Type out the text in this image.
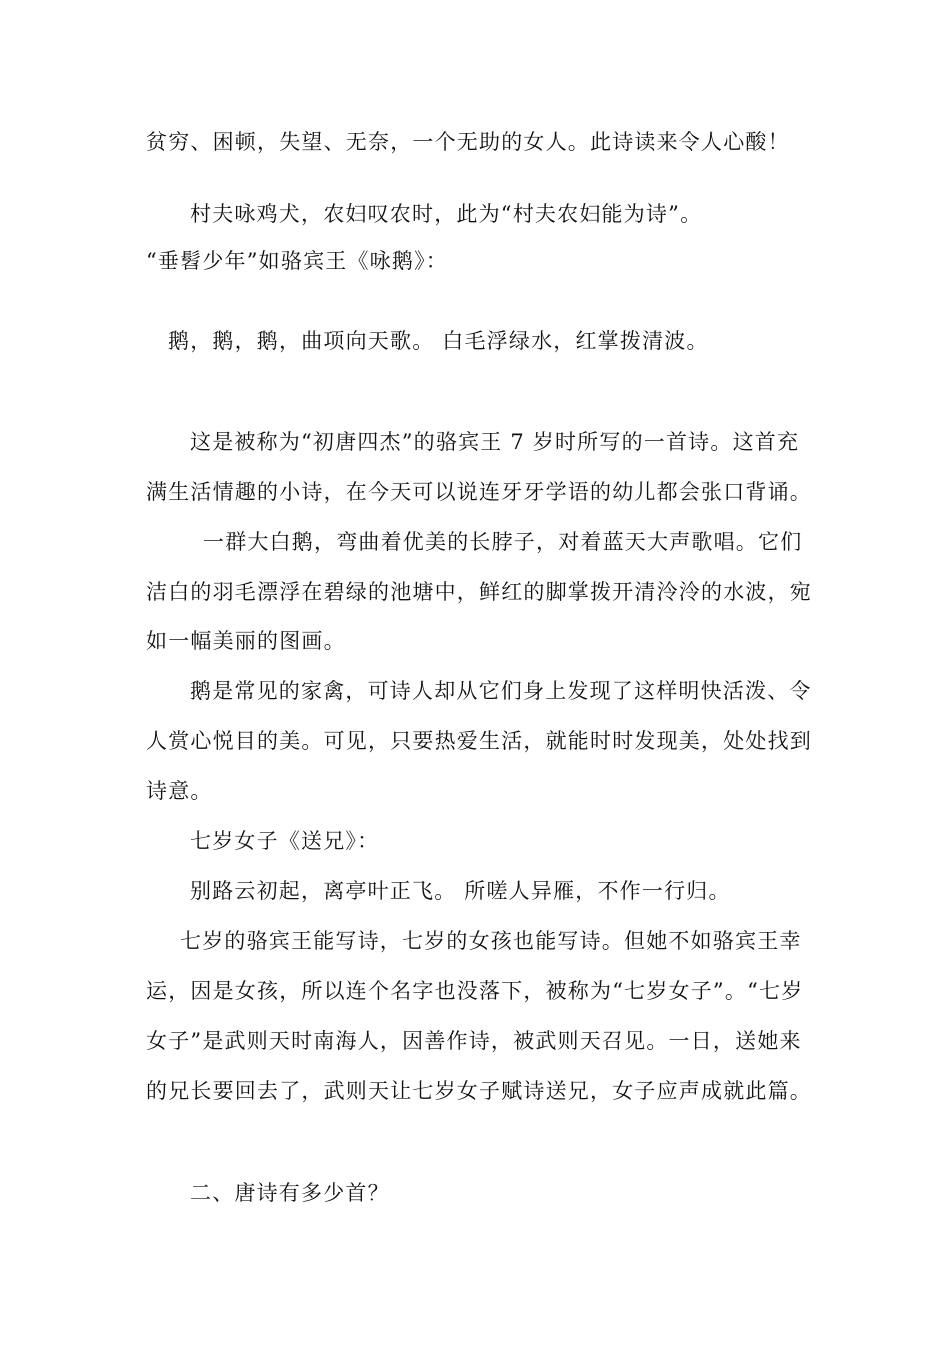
贫穷、困顿，失望、无奈，一个无助的女人。此诗读来令人心酸！
村夫咏鸡犬，农妇叹农时，此为“村夫农妇能为诗”。
“垂髫少年”如骆宾王《咏鹅》：
鹅，鹅，鹅，曲项向天歌。 白毛浮绿水，红掌拨清波。
这是被称为“初唐四杰”的骆宾王 7 岁时所写的一首诗。这首充
满生活情趣的小诗，在今天可以说连牙牙学语的幼儿都会张口背诵。
一群大白鹅，弯曲着优美的长脖子，对着蓝天大声歌唱。它们
洁白的羽毛漂浮在碧绿的池塘中，鲜红的脚掌拨开清泠泠的水波，宛
如一幅美丽的图画。
鹅是常见的家禽，可诗人却从它们身上发现了这样明快活泼、令
人赏心悦目的美。可见，只要热爱生活，就能时时发现美，处处找到
诗意。
七岁女子《送兄》：
别路云初起，离亭叶正飞。 所嗟人异雁，不作一行归。
七岁的骆宾王能写诗，七岁的女孩也能写诗。但她不如骆宾王幸
运，因是女孩，所以连个名字也没落下，被称为“七岁女子”。“七岁
女子”是武则天时南海人，因善作诗，被武则天召见。一日，送她来
的兄长要回去了，武则天让七岁女子赋诗送兄，女子应声成就此篇。
二、唐诗有多少首？
